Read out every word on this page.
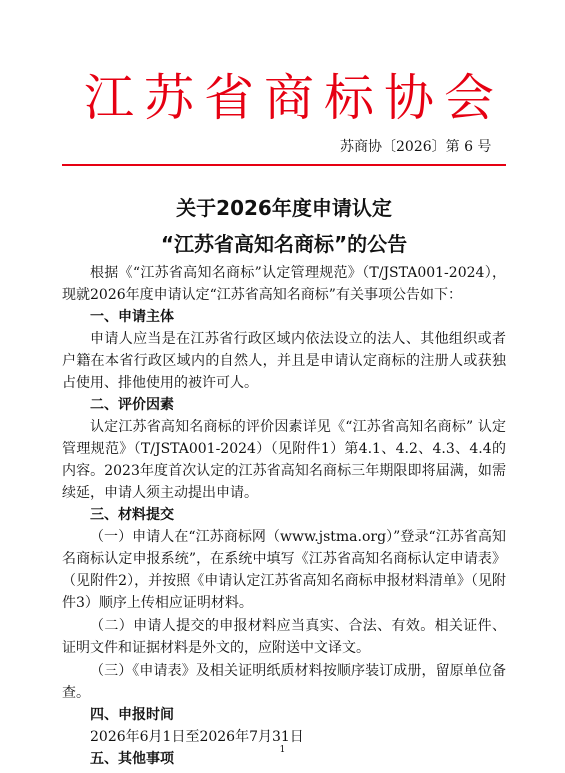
江 苏 省 商 标 协 会
苏商协〔2026〕第 6 号
关于2026年度申请认定
“江苏省高知名商标”的公告

根据《“江苏省高知名商标”认定管理规范》（T/JSTA001-2024），现就2026年度申请认定“江苏省高知名商标”有关事项公告如下：

一、申请主体

申请人应当是在江苏省行政区域内依法设立的法人、其他组织或者户籍在本省行政区域内的自然人，并且是申请认定商标的注册人或获独占使用、排他使用的被许可人。

二、评价因素

认定江苏省高知名商标的评价因素详见《“江苏省高知名商标” 认定管理规范》（T/JSTA001-2024）（见附件1）第4.1、4.2、4.3、4.4的内容。2023年度首次认定的江苏省高知名商标三年期限即将届满，如需续延，申请人须主动提出申请。

三、材料提交

（一）申请人在“江苏商标网（www.jstma.org）”登录“江苏省高知名商标认定申报系统”，在系统中填写《江苏省高知名商标认定申请表》（见附件2），并按照《申请认定江苏省高知名商标申报材料清单》（见附件3）顺序上传相应证明材料。

（二）申请人提交的申报材料应当真实、合法、有效。相关证件、证明文件和证据材料是外文的，应附送中文译文。

（三）《申请表》及相关证明纸质材料按顺序装订成册，留原单位备查。

四、申报时间

2026年6月1日至2026年7月31日

五、其他事项

1
